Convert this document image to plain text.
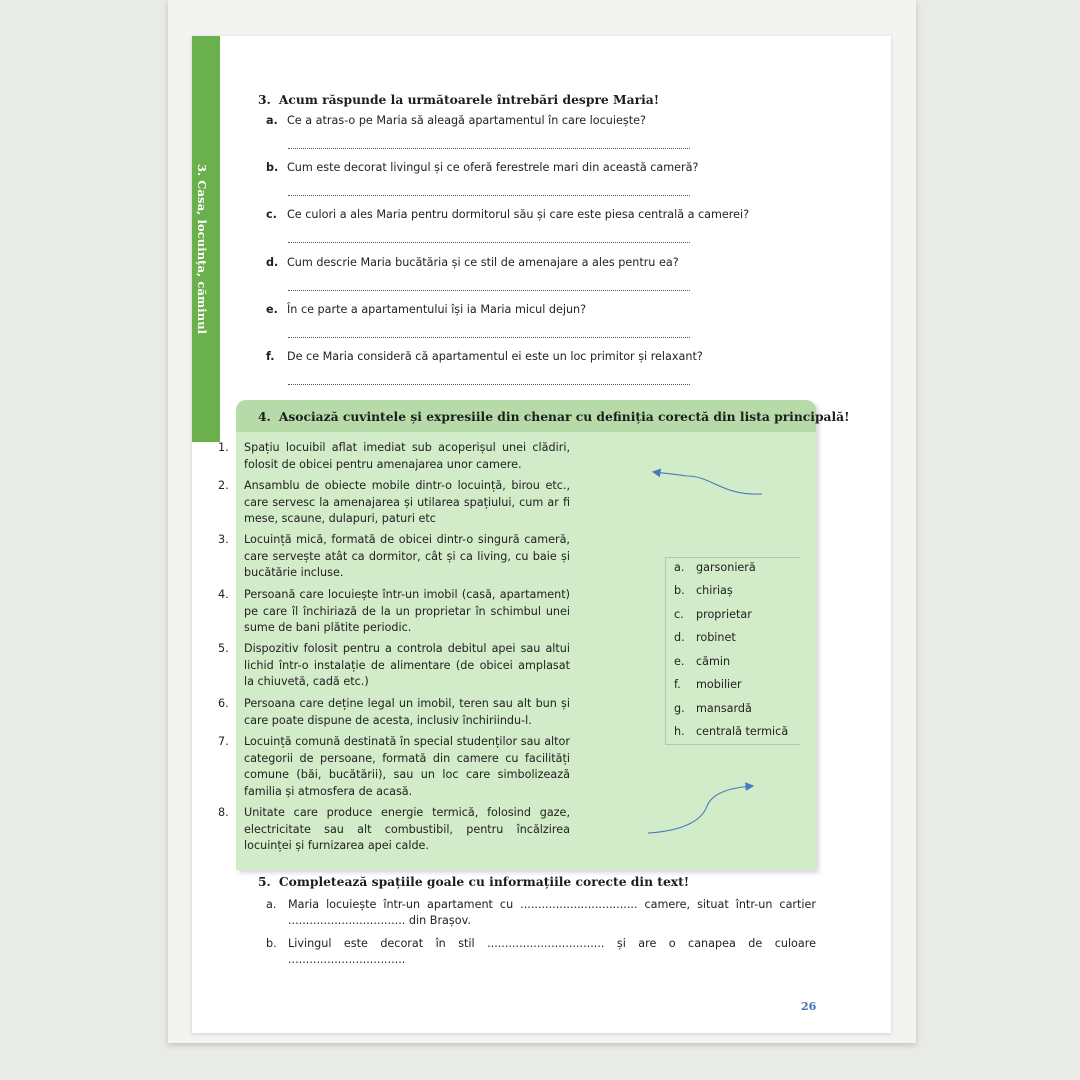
3. Casa, locuința, căminul
3. Acum răspunde la următoarele întrebări despre Maria!
a. Ce a atras-o pe Maria să aleagă apartamentul în care locuiește?
b. Cum este decorat livingul și ce oferă ferestrele mari din această cameră?
c. Ce culori a ales Maria pentru dormitorul său și care este piesa centrală a camerei?
d. Cum descrie Maria bucătăria și ce stil de amenajare a ales pentru ea?
e. În ce parte a apartamentului își ia Maria micul dejun?
f. De ce Maria consideră că apartamentul ei este un loc primitor și relaxant?
4. Asociază cuvintele și expresiile din chenar cu definiția corectă din lista principală!
1.	Spațiu locuibil aflat imediat sub acoperișul unei clădiri, folosit de obicei pentru amenajarea unor camere.
2.	Ansamblu de obiecte mobile dintr-o locuință, birou etc., care servesc la amenajarea și utilarea spațiului, cum ar fi mese, scaune, dulapuri, paturi etc
3.	Locuință mică, formată de obicei dintr-o singură cameră, care servește atât ca dormitor, cât și ca living, cu baie și bucătărie incluse.
4.	Persoană care locuiește într-un imobil (casă, apartament) pe care îl închiriază de la un proprietar în schimbul unei sume de bani plătite periodic.
5.	Dispozitiv folosit pentru a controla debitul apei sau altui lichid într-o instalație de alimentare (de obicei amplasat la chiuvetă, cadă etc.)
6.	Persoana care deține legal un imobil, teren sau alt bun și care poate dispune de acesta, inclusiv închiriindu-l.
7.	Locuință comună destinată în special studenților sau altor categorii de persoane, formată din camere cu facilități comune (băi, bucătării), sau un loc care simbolizează familia și atmosfera de acasă.
8.	Unitate care produce energie termică, folosind gaze, electricitate sau alt combustibil, pentru încălzirea locuinței și furnizarea apei calde.
a. garsonieră
b. chiriaș
c. proprietar
d. robinet
e. cămin
f. mobilier
g. mansardă
h. centrală termică
5. Completează spațiile goale cu informațiile corecte din text!
a. Maria locuiește într-un apartament cu ................................. camere, situat într-un cartier ................................. din Brașov.
b. Livingul este decorat în stil ................................. și are o canapea de culoare .................................
26
